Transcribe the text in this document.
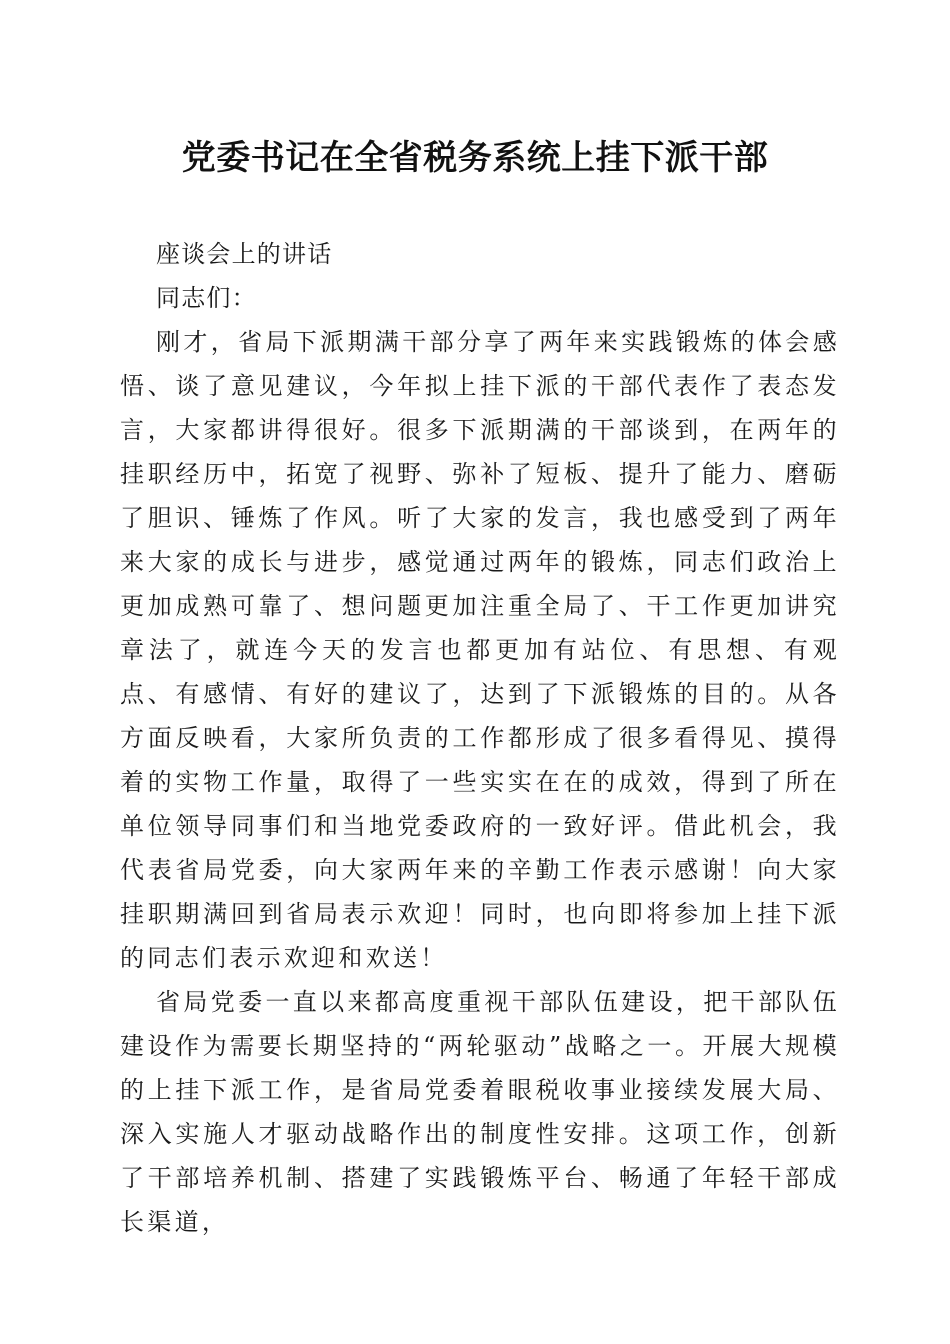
党委书记在全省税务系统上挂下派干部

座谈会上的讲话

同志们：

刚才，省局下派期满干部分享了两年来实践锻炼的体会感悟、谈了意见建议，今年拟上挂下派的干部代表作了表态发言，大家都讲得很好。很多下派期满的干部谈到，在两年的挂职经历中，拓宽了视野、弥补了短板、提升了能力、磨砺了胆识、锤炼了作风。听了大家的发言，我也感受到了两年来大家的成长与进步，感觉通过两年的锻炼，同志们政治上更加成熟可靠了、想问题更加注重全局了、干工作更加讲究章法了，就连今天的发言也都更加有站位、有思想、有观点、有感情、有好的建议了，达到了下派锻炼的目的。从各方面反映看，大家所负责的工作都形成了很多看得见、摸得着的实物工作量，取得了一些实实在在的成效，得到了所在单位领导同事们和当地党委政府的一致好评。借此机会，我代表省局党委，向大家两年来的辛勤工作表示感谢！向大家挂职期满回到省局表示欢迎！同时，也向即将参加上挂下派的同志们表示欢迎和欢送！

省局党委一直以来都高度重视干部队伍建设，把干部队伍建设作为需要长期坚持的“两轮驱动”战略之一。开展大规模的上挂下派工作，是省局党委着眼税收事业接续发展大局、深入实施人才驱动战略作出的制度性安排。这项工作，创新了干部培养机制、搭建了实践锻炼平台、畅通了年轻干部成长渠道，
